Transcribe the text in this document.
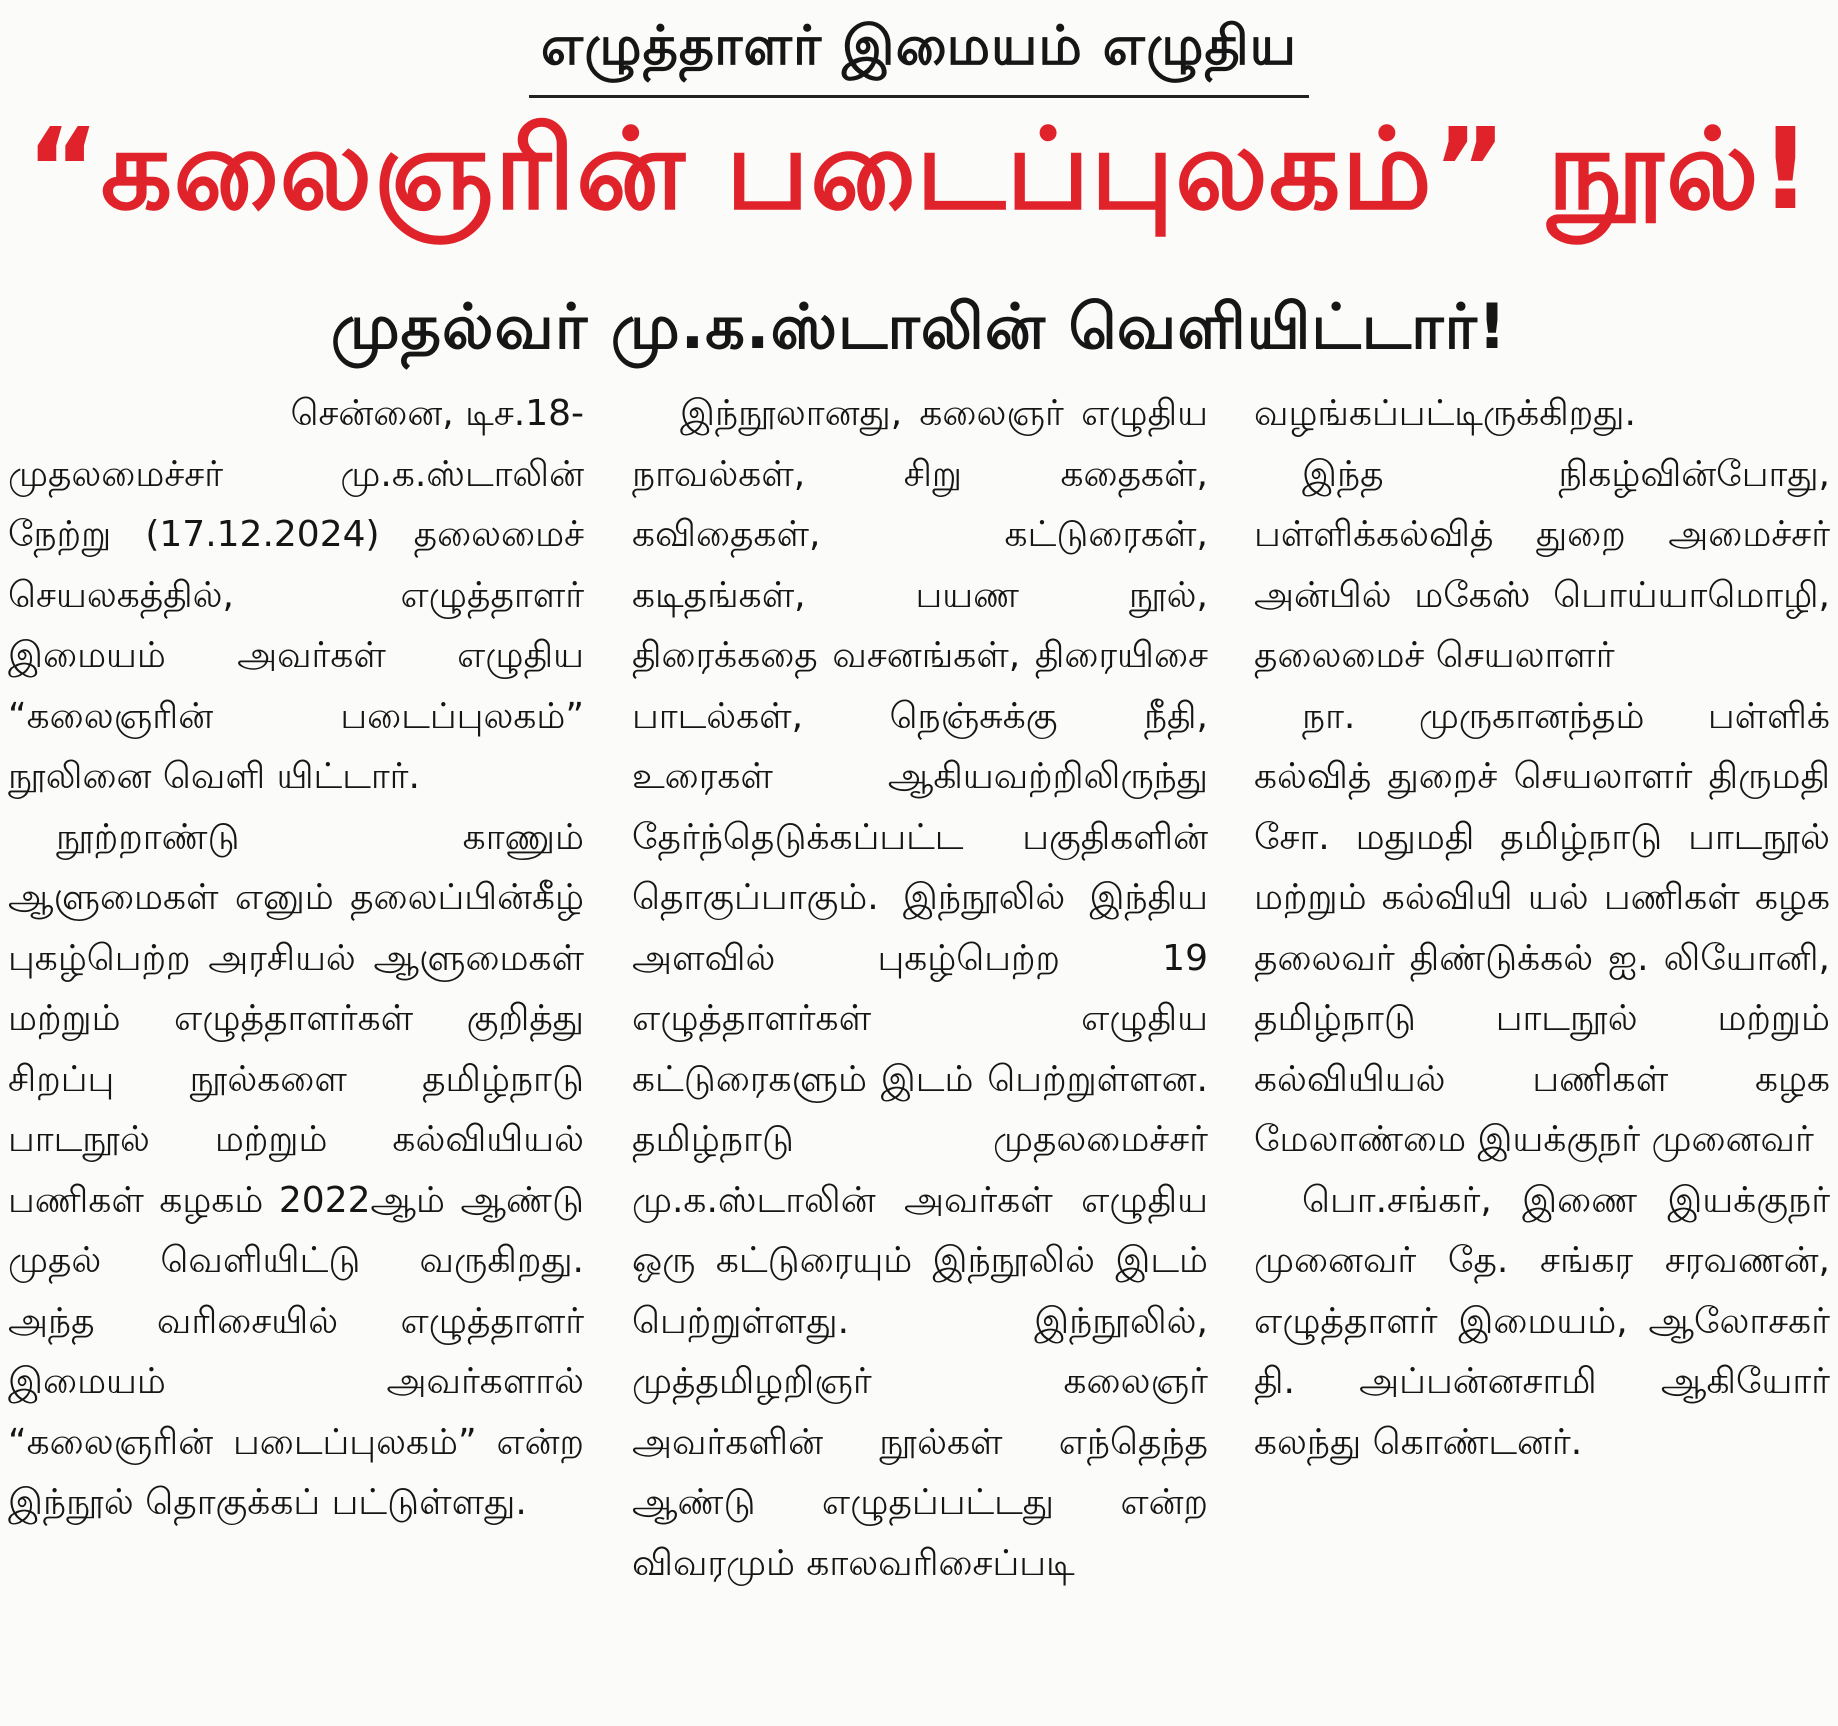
எழுத்தாளர் இமையம் எழுதிய
“கலைஞரின் படைப்புலகம்” நூல்!
முதல்வர் மு.க.ஸ்டாலின் வெளியிட்டார்!

சென்னை, டிச.18-

முதலமைச்சர் மு.க.ஸ்டாலின் நேற்று (17.12.2024) தலைமைச் செயலகத்தில், எழுத்தாளர் இமையம் அவர்கள் எழுதிய “கலைஞரின் படைப்புலகம்” நூலினை வெளி யிட்டார்.

நூற்றாண்டு காணும் ஆளுமைகள் எனும் தலைப்பின்கீழ் புகழ்பெற்ற அரசியல் ஆளுமைகள் மற்றும் எழுத்தாளர்கள் குறித்து சிறப்பு நூல்களை தமிழ்நாடு பாடநூல் மற்றும் கல்வியியல் பணிகள் கழகம் 2022ஆம் ஆண்டு முதல் வெளியிட்டு வருகிறது. அந்த வரிசையில் எழுத்தாளர் இமையம் அவர்களால் “கலைஞரின் படைப்புலகம்” என்ற இந்நூல் தொகுக்கப் பட்டுள்ளது.

இந்நூலானது, கலைஞர் எழுதிய நாவல்கள், சிறு கதைகள், கவிதைகள், கட்டுரைகள், கடிதங்கள், பயண நூல், திரைக்கதை வசனங்கள், திரையிசை பாடல்கள், நெஞ்சுக்கு நீதி, உரைகள் ஆகியவற்றிலிருந்து தேர்ந்தெடுக்கப்பட்ட பகுதிகளின் தொகுப்பாகும். இந்நூலில் இந்திய அளவில் புகழ்பெற்ற 19 எழுத்தாளர்கள் எழுதிய கட்டுரைகளும் இடம் பெற்றுள்ளன. தமிழ்நாடு முதலமைச்சர் மு.க.ஸ்டாலின் அவர்கள் எழுதிய ஒரு கட்டுரையும் இந்நூலில் இடம் பெற்றுள்ளது. இந்நூலில், முத்தமிழறிஞர் கலைஞர் அவர்களின் நூல்கள் எந்தெந்த ஆண்டு எழுதப்பட்டது என்ற விவரமும் காலவரிசைப்படி

வழங்கப்பட்டிருக்கிறது.

இந்த நிகழ்வின்போது, பள்ளிக்கல்வித் துறை அமைச்சர் அன்பில் மகேஸ் பொய்யாமொழி, தலைமைச் செயலாளர்

நா. முருகானந்தம் பள்ளிக் கல்வித் துறைச் செயலாளர் திருமதி சோ. மதுமதி தமிழ்நாடு பாடநூல் மற்றும் கல்வியி யல் பணிகள் கழக தலைவர் திண்டுக்கல் ஐ. லியோனி, தமிழ்நாடு பாடநூல் மற்றும் கல்வியியல் பணிகள் கழக மேலாண்மை இயக்குநர் முனைவர்

பொ.சங்கர், இணை இயக்குநர் முனைவர் தே. சங்கர சரவணன், எழுத்தாளர் இமையம், ஆலோசகர் தி. அப்பன்னசாமி ஆகியோர் கலந்து கொண்டனர்.
